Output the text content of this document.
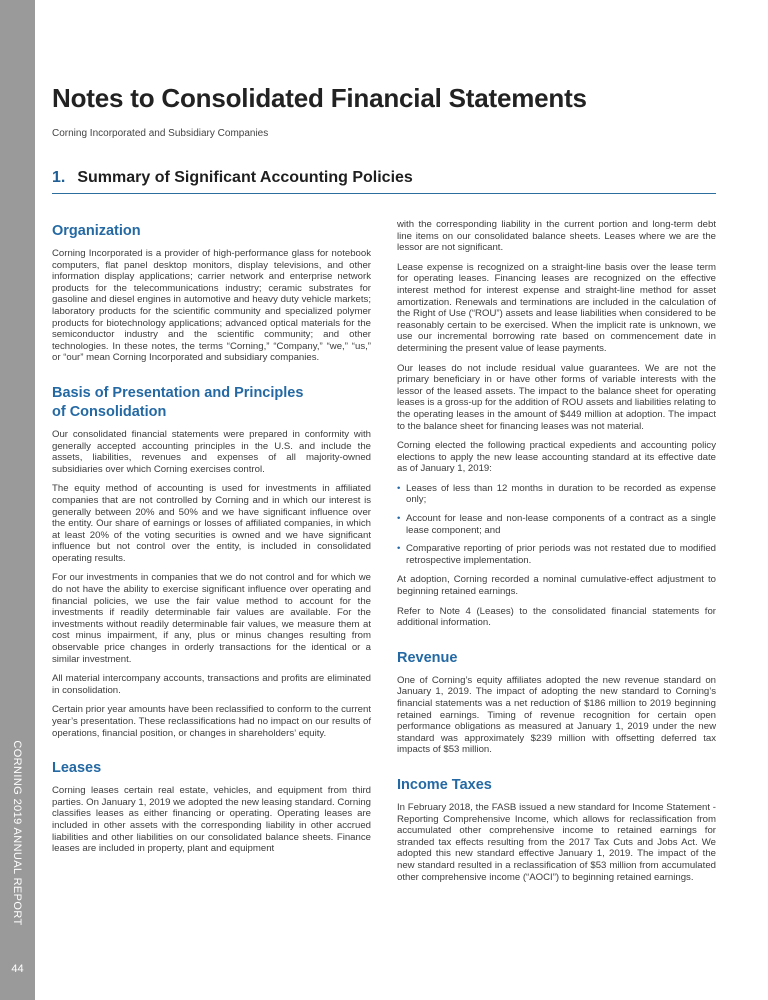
CORNING 2019 ANNUAL REPORT
44
Notes to Consolidated Financial Statements
Corning Incorporated and Subsidiary Companies
1. Summary of Significant Accounting Policies
Organization

Corning Incorporated is a provider of high-performance glass for notebook computers, flat panel desktop monitors, display televisions, and other information display applications; carrier network and enterprise network products for the telecommunications industry; ceramic substrates for gasoline and diesel engines in automotive and heavy duty vehicle markets; laboratory products for the scientific community and specialized polymer products for biotechnology applications; advanced optical materials for the semiconductor industry and the scientific community; and other technologies. In these notes, the terms “Corning,” “Company,” “we,” “us,” or “our” mean Corning Incorporated and subsidiary companies.

Basis of Presentation and Principles
of Consolidation

Our consolidated financial statements were prepared in conformity with generally accepted accounting principles in the U.S. and include the assets, liabilities, revenues and expenses of all majority-owned subsidiaries over which Corning exercises control.

The equity method of accounting is used for investments in affiliated companies that are not controlled by Corning and in which our interest is generally between 20% and 50% and we have significant influence over the entity. Our share of earnings or losses of affiliated companies, in which at least 20% of the voting securities is owned and we have significant influence but not control over the entity, is included in consolidated operating results.

For our investments in companies that we do not control and for which we do not have the ability to exercise significant influence over operating and financial policies, we use the fair value method to account for the investments if readily determinable fair values are available. For the investments without readily determinable fair values, we measure them at cost minus impairment, if any, plus or minus changes resulting from observable price changes in orderly transactions for the identical or a similar investment.

All material intercompany accounts, transactions and profits are eliminated in consolidation.

Certain prior year amounts have been reclassified to conform to the current year’s presentation. These reclassifications had no impact on our results of operations, financial position, or changes in shareholders’ equity.

Leases

Corning leases certain real estate, vehicles, and equipment from third parties. On January 1, 2019 we adopted the new leasing standard. Corning classifies leases as either financing or operating. Operating leases are included in other assets with the corresponding liability in other accrued liabilities and other liabilities on our consolidated balance sheets. Finance leases are included in property, plant and equipment

with the corresponding liability in the current portion and long-term debt line items on our consolidated balance sheets. Leases where we are the lessor are not significant.

Lease expense is recognized on a straight-line basis over the lease term for operating leases. Financing leases are recognized on the effective interest method for interest expense and straight-line method for asset amortization. Renewals and terminations are included in the calculation of the Right of Use (“ROU”) assets and lease liabilities when considered to be reasonably certain to be exercised. When the implicit rate is unknown, we use our incremental borrowing rate based on commencement date in determining the present value of lease payments.

Our leases do not include residual value guarantees. We are not the primary beneficiary in or have other forms of variable interests with the lessor of the leased assets. The impact to the balance sheet for operating leases is a gross-up for the addition of ROU assets and liabilities relating to the operating leases in the amount of $449 million at adoption. The impact to the balance sheet for financing leases was not material.

Corning elected the following practical expedients and accounting policy elections to apply the new lease accounting standard at its effective date as of January 1, 2019:

• Leases of less than 12 months in duration to be recorded as expense only;
• Account for lease and non-lease components of a contract as a single lease component; and
• Comparative reporting of prior periods was not restated due to modified retrospective implementation.

At adoption, Corning recorded a nominal cumulative-effect adjustment to beginning retained earnings.

Refer to Note 4 (Leases) to the consolidated financial statements for additional information.

Revenue

One of Corning’s equity affiliates adopted the new revenue standard on January 1, 2019. The impact of adopting the new standard to Corning’s financial statements was a net reduction of $186 million to 2019 beginning retained earnings. Timing of revenue recognition for certain open performance obligations as measured at January 1, 2019 under the new standard was approximately $239 million with offsetting deferred tax impacts of $53 million.

Income Taxes

In February 2018, the FASB issued a new standard for Income Statement - Reporting Comprehensive Income, which allows for reclassification from accumulated other comprehensive income to retained earnings for stranded tax effects resulting from the 2017 Tax Cuts and Jobs Act. We adopted this new standard effective January 1, 2019. The impact of the new standard resulted in a reclassification of $53 million from accumulated other comprehensive income (“AOCI”) to beginning retained earnings.
